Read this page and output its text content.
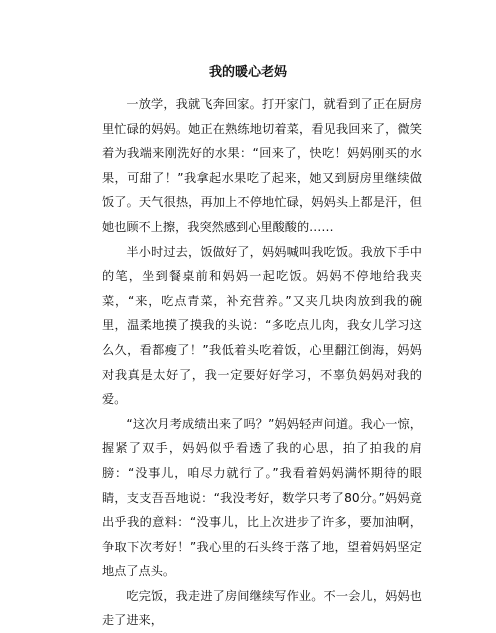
我的暖心老妈

一放学，我就飞奔回家。打开家门，就看到了正在厨房里忙碌的妈妈。她正在熟练地切着菜，看见我回来了，微笑着为我端来刚洗好的水果：“回来了，快吃！妈妈刚买的水果，可甜了！”我拿起水果吃了起来，她又到厨房里继续做饭了。天气很热，再加上不停地忙碌，妈妈头上都是汗，但她也顾不上擦，我突然感到心里酸酸的……

半小时过去，饭做好了，妈妈喊叫我吃饭。我放下手中的笔，坐到餐桌前和妈妈一起吃饭。妈妈不停地给我夹菜，“来，吃点青菜，补充营养。”又夹几块肉放到我的碗里，温柔地摸了摸我的头说：“多吃点儿肉，我女儿学习这么久，看都瘦了！”我低着头吃着饭，心里翻江倒海，妈妈对我真是太好了，我一定要好好学习，不辜负妈妈对我的爱。

“这次月考成绩出来了吗？”妈妈轻声问道。我心一惊，握紧了双手，妈妈似乎看透了我的心思，拍了拍我的肩膀：“没事儿，咱尽力就行了。”我看着妈妈满怀期待的眼睛，支支吾吾地说：“我没考好，数学只考了80分。”妈妈竟出乎我的意料：“没事儿，比上次进步了许多，要加油啊，争取下次考好！”我心里的石头终于落了地，望着妈妈坚定地点了点头。

吃完饭，我走进了房间继续写作业。不一会儿，妈妈也走了进来，
